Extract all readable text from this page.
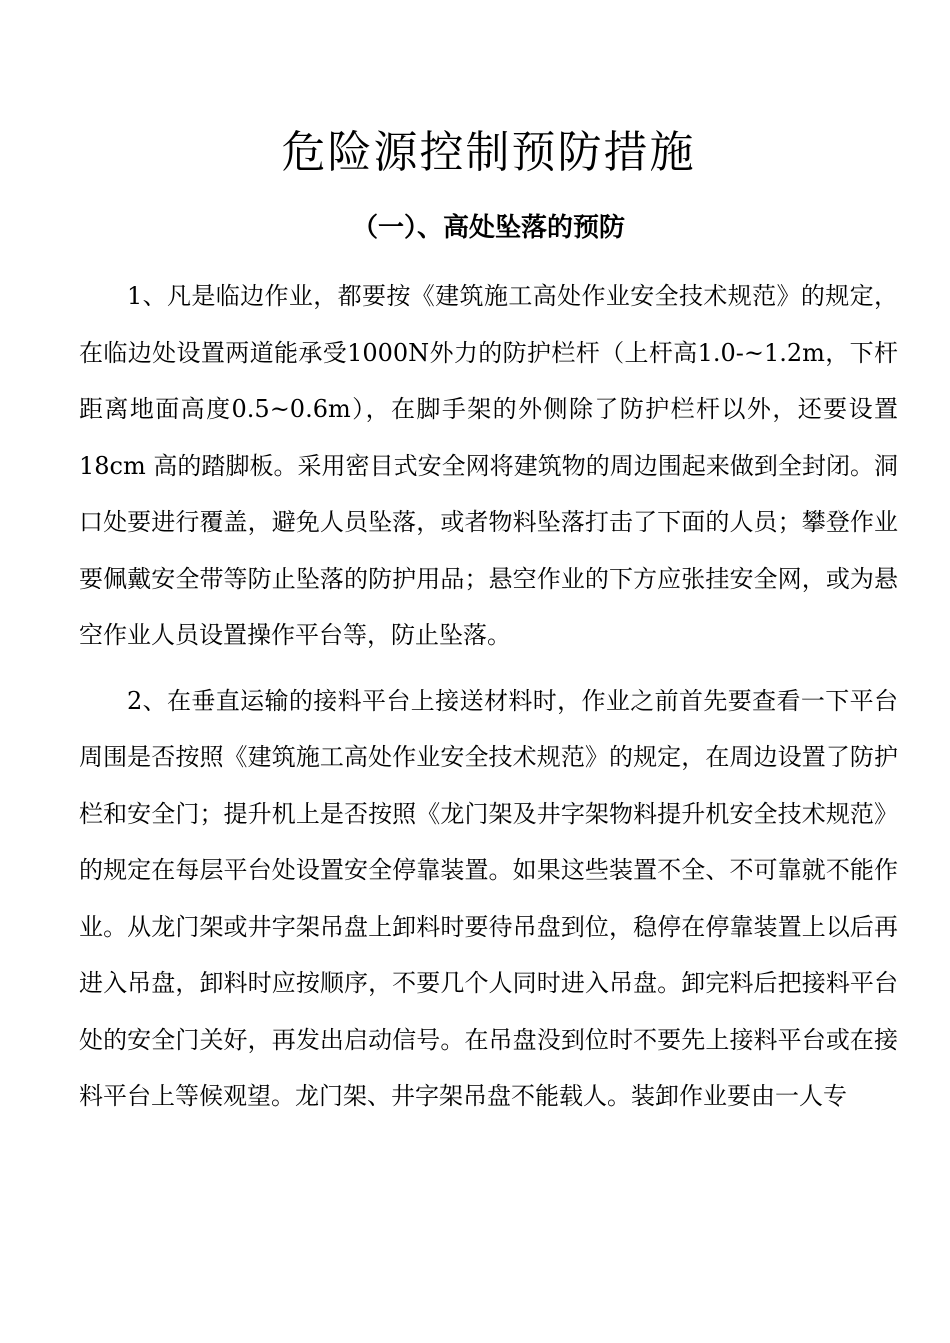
危险源控制预防措施
（一）、高处坠落的预防

1、凡是临边作业，都要按《建筑施工高处作业安全技术规范》的规定，在临边处设置两道能承受1000N外力的防护栏杆（上杆高1.0-~1.2m，下杆距离地面高度0.5~0.6m），在脚手架的外侧除了防护栏杆以外，还要设置 18cm 高的踏脚板。采用密目式安全网将建筑物的周边围起来做到全封闭。洞口处要进行覆盖，避免人员坠落，或者物料坠落打击了下面的人员；攀登作业要佩戴安全带等防止坠落的防护用品；悬空作业的下方应张挂安全网，或为悬空作业人员设置操作平台等，防止坠落。

2、在垂直运输的接料平台上接送材料时，作业之前首先要查看一下平台周围是否按照《建筑施工高处作业安全技术规范》的规定，在周边设置了防护栏和安全门；提升机上是否按照《龙门架及井字架物料提升机安全技术规范》的规定在每层平台处设置安全停靠装置。如果这些装置不全、不可靠就不能作业。从龙门架或井字架吊盘上卸料时要待吊盘到位，稳停在停靠装置上以后再进入吊盘，卸料时应按顺序，不要几个人同时进入吊盘。卸完料后把接料平台处的安全门关好，再发出启动信号。在吊盘没到位时不要先上接料平台或在接料平台上等候观望。龙门架、井字架吊盘不能载人。装卸作业要由一人专
